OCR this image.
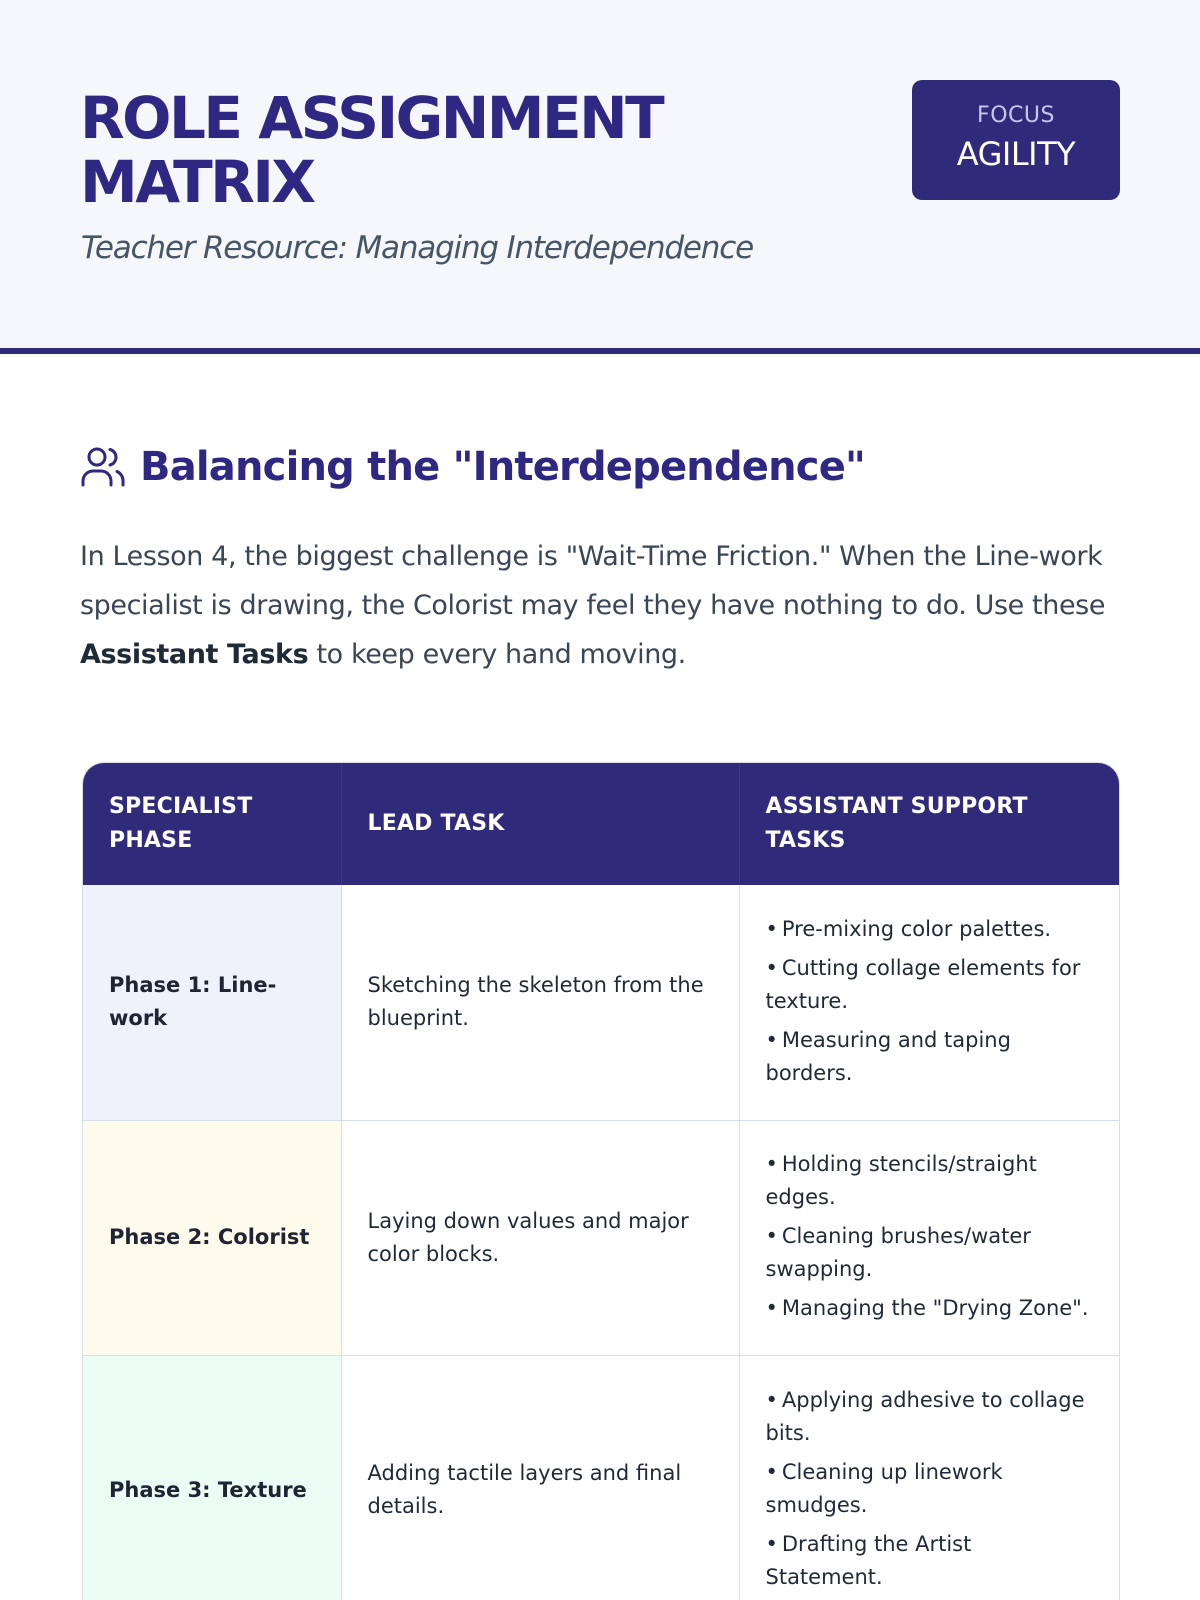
ROLE ASSIGNMENT MATRIX

Teacher Resource: Managing Interdependence

FOCUS
AGILITY
Balancing the "Interdependence"

In Lesson 4, the biggest challenge is "Wait-Time Friction." When the Line-work specialist is drawing, the Colorist may feel they have nothing to do. Use these Assistant Tasks to keep every hand moving.

SPECIALIST PHASE	LEAD TASK	ASSISTANT SUPPORT TASKS
Phase 1: Line-work	Sketching the skeleton from the blueprint.	• Pre-mixing color palettes.
• Cutting collage elements for texture.
• Measuring and taping borders.

Phase 2: Colorist	Laying down values and major color blocks.	• Holding stencils/straight edges.
• Cleaning brushes/water swapping.
• Managing the "Drying Zone".

Phase 3: Texture	Adding tactile layers and final details.	• Applying adhesive to collage bits.
• Cleaning up linework smudges.
• Drafting the Artist Statement.
